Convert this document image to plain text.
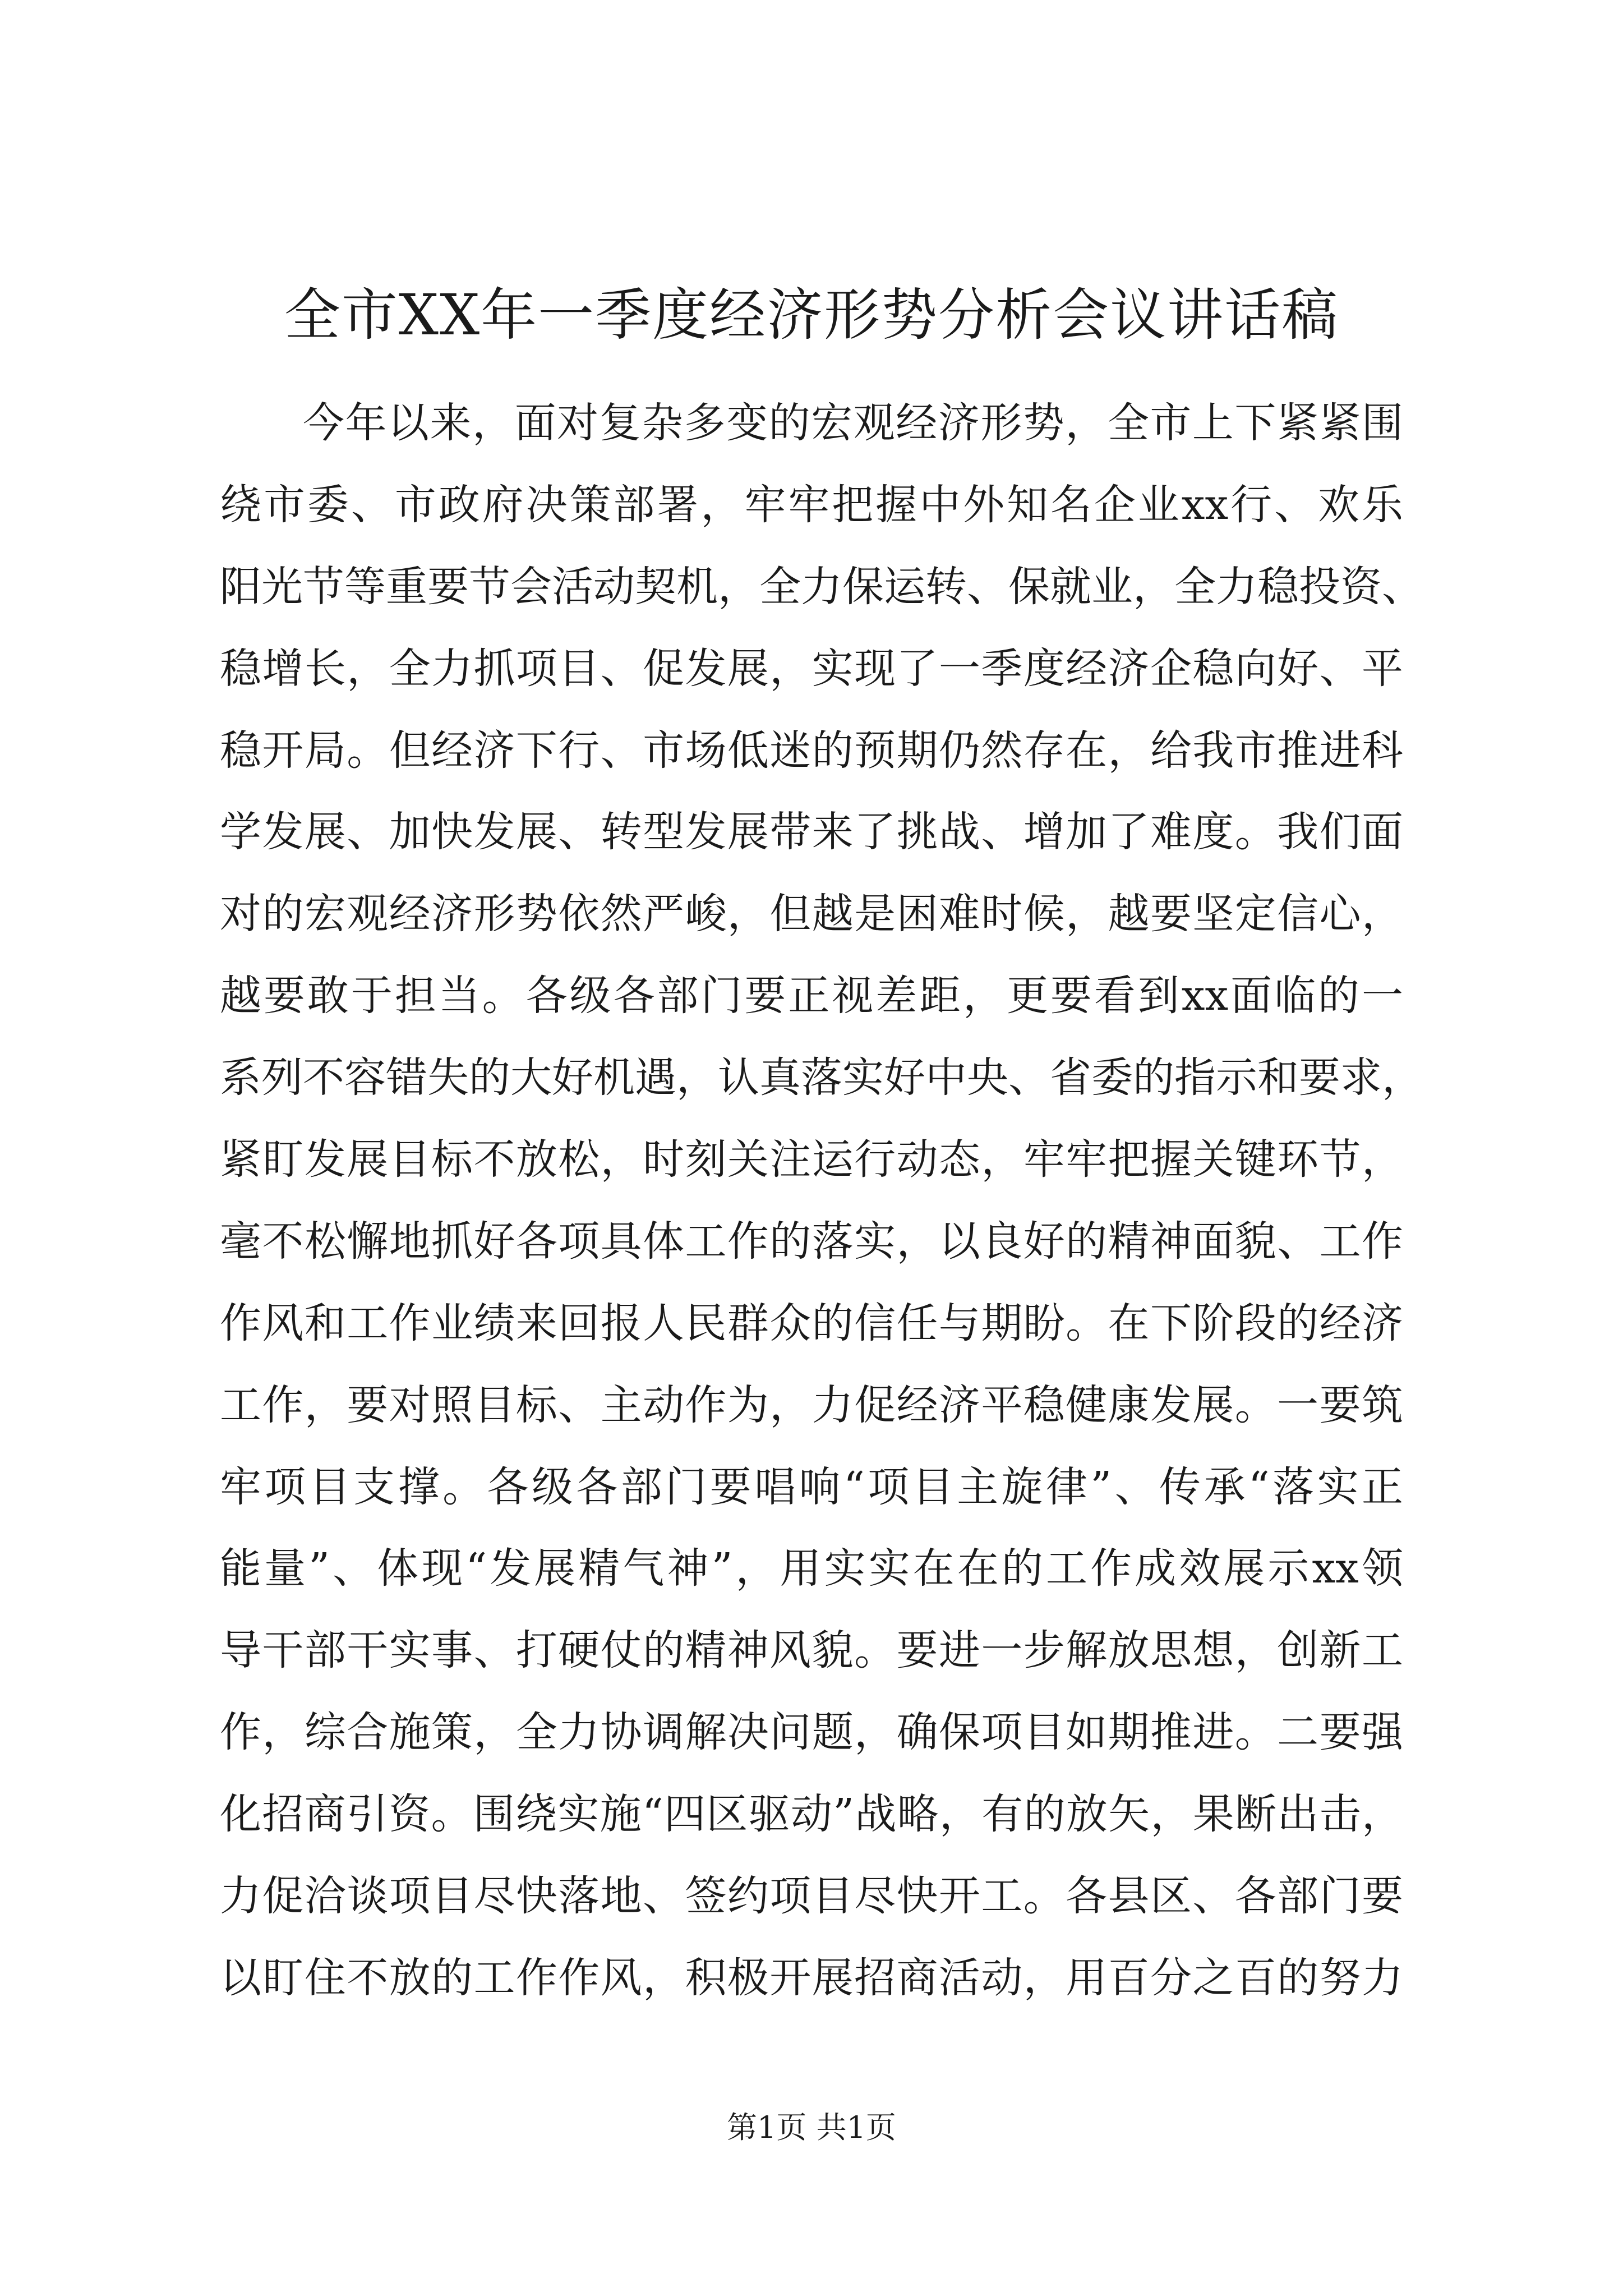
全市XX年一季度经济形势分析会议讲话稿
今年以来，面对复杂多变的宏观经济形势，全市上下紧紧围
绕市委、市政府决策部署，牢牢把握中外知名企业xx行、欢乐
阳光节等重要节会活动契机，全力保运转、保就业，全力稳投资、
稳增长，全力抓项目、促发展，实现了一季度经济企稳向好、平
稳开局。但经济下行、市场低迷的预期仍然存在，给我市推进科
学发展、加快发展、转型发展带来了挑战、增加了难度。我们面
对的宏观经济形势依然严峻，但越是困难时候，越要坚定信心，
越要敢于担当。各级各部门要正视差距，更要看到xx面临的一
系列不容错失的大好机遇，认真落实好中央、省委的指示和要求，
紧盯发展目标不放松，时刻关注运行动态，牢牢把握关键环节，
毫不松懈地抓好各项具体工作的落实，以良好的精神面貌、工作
作风和工作业绩来回报人民群众的信任与期盼。在下阶段的经济
工作，要对照目标、主动作为，力促经济平稳健康发展。一要筑
牢项目支撑。各级各部门要唱响“项目主旋律”、传承“落实正
能量”、体现“发展精气神”，用实实在在的工作成效展示xx领
导干部干实事、打硬仗的精神风貌。要进一步解放思想，创新工
作，综合施策，全力协调解决问题，确保项目如期推进。二要强
化招商引资。围绕实施“四区驱动”战略，有的放矢，果断出击，
力促洽谈项目尽快落地、签约项目尽快开工。各县区、各部门要
以盯住不放的工作作风，积极开展招商活动，用百分之百的努力
第1页 共1页
